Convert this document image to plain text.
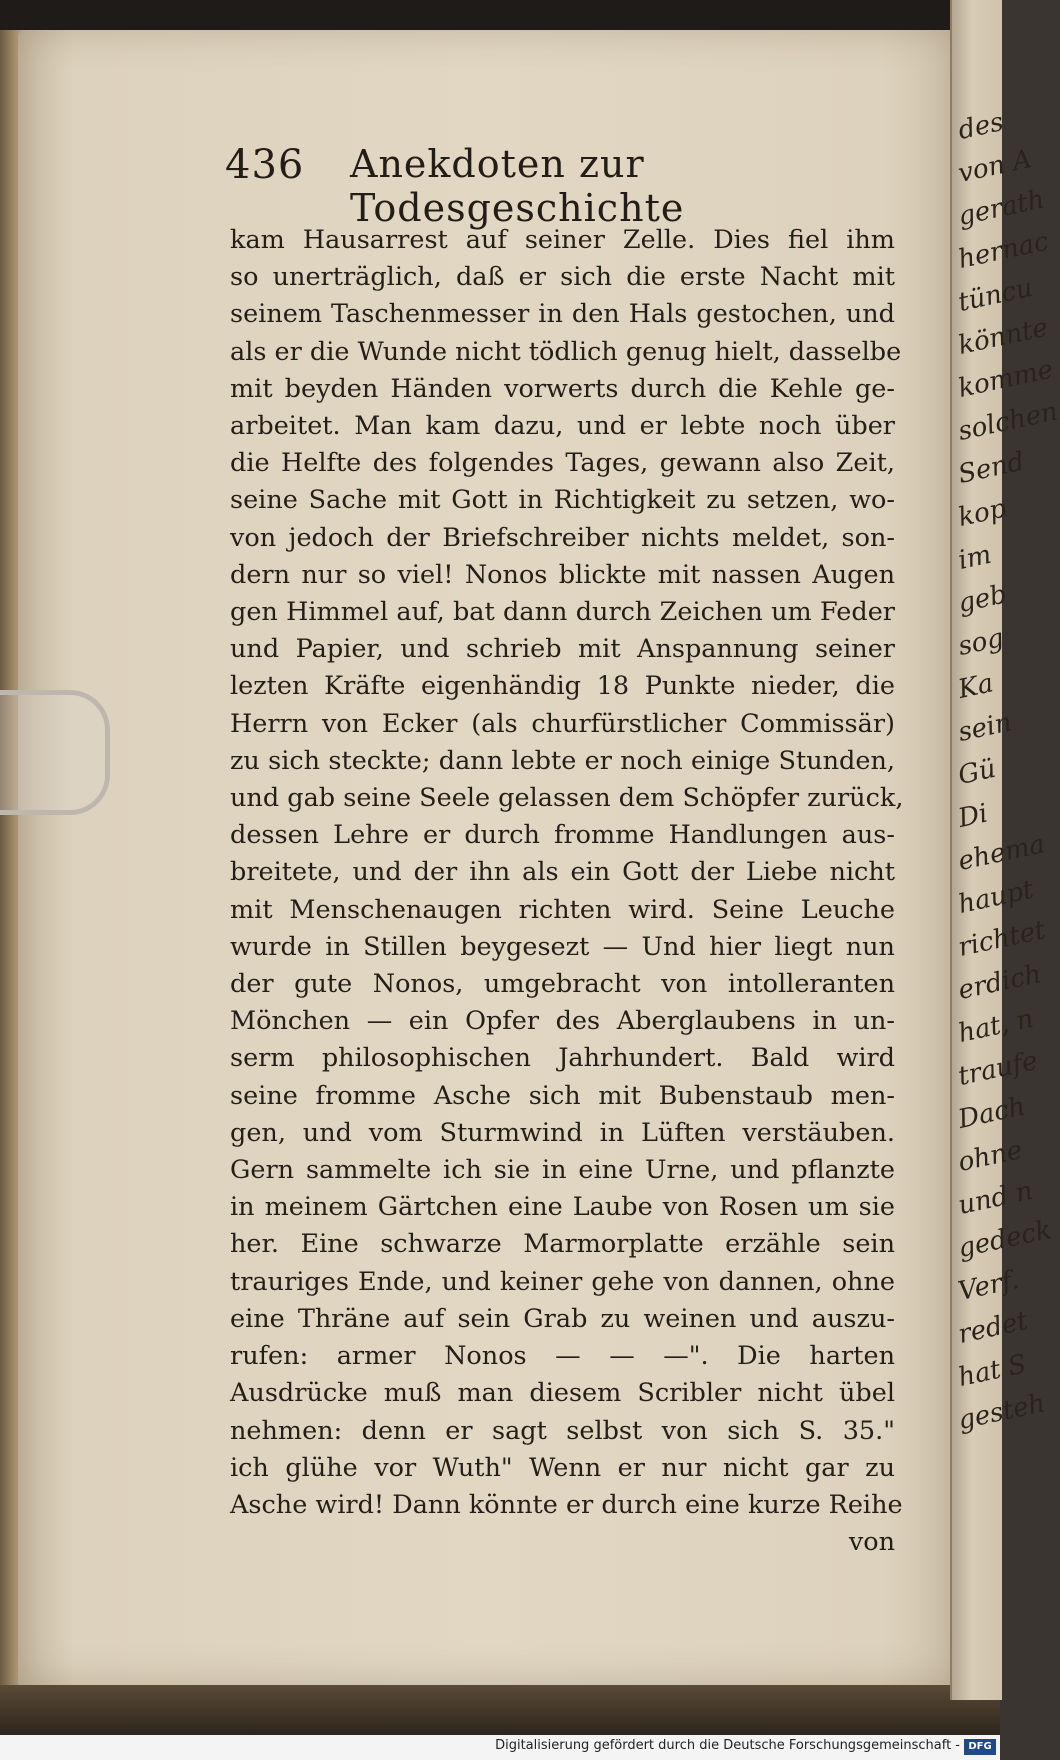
des
von A
gerath
hernac
tüncu
könnte
komme
solchen
Send
kop
im
geb
sog
Ka
sein
Gü
Di
ehema
haupt
richtet
erdich
hat, n
traufe
Dach
ohne
und n
gedeck
Verf.
redet
hat S
gesteh
436 Anekdoten zur Todesgeschichte
kam Hausarrest auf seiner Zelle. Dies fiel ihm
so unerträglich, daß er sich die erste Nacht mit
seinem Taschenmesser in den Hals gestochen, und
als er die Wunde nicht tödlich genug hielt, dasselbe
mit beyden Händen vorwerts durch die Kehle ge-
arbeitet. Man kam dazu, und er lebte noch über
die Helfte des folgendes Tages, gewann also Zeit,
seine Sache mit Gott in Richtigkeit zu setzen, wo-
von jedoch der Briefschreiber nichts meldet, son-
dern nur so viel! Nonos blickte mit nassen Augen
gen Himmel auf, bat dann durch Zeichen um Feder
und Papier, und schrieb mit Anspannung seiner
lezten Kräfte eigenhändig 18 Punkte nieder, die
Herrn von Ecker (als churfürstlicher Commissär)
zu sich steckte; dann lebte er noch einige Stunden,
und gab seine Seele gelassen dem Schöpfer zurück,
dessen Lehre er durch fromme Handlungen aus-
breitete, und der ihn als ein Gott der Liebe nicht
mit Menschenaugen richten wird. Seine Leuche
wurde in Stillen beygesezt — Und hier liegt nun
der gute Nonos, umgebracht von intolleranten
Mönchen — ein Opfer des Aberglaubens in un-
serm philosophischen Jahrhundert. Bald wird
seine fromme Asche sich mit Bubenstaub men-
gen, und vom Sturmwind in Lüften verstäuben.
Gern sammelte ich sie in eine Urne, und pflanzte
in meinem Gärtchen eine Laube von Rosen um sie
her. Eine schwarze Marmorplatte erzähle sein
trauriges Ende, und keiner gehe von dannen, ohne
eine Thräne auf sein Grab zu weinen und auszu-
rufen: armer Nonos — — —". Die harten
Ausdrücke muß man diesem Scribler nicht übel
nehmen: denn er sagt selbst von sich S. 35."
ich glühe vor Wuth" Wenn er nur nicht gar zu
Asche wird! Dann könnte er durch eine kurze Reihe
von
Digitalisierung gefördert durch die Deutsche Forschungsgemeinschaft - DFG
